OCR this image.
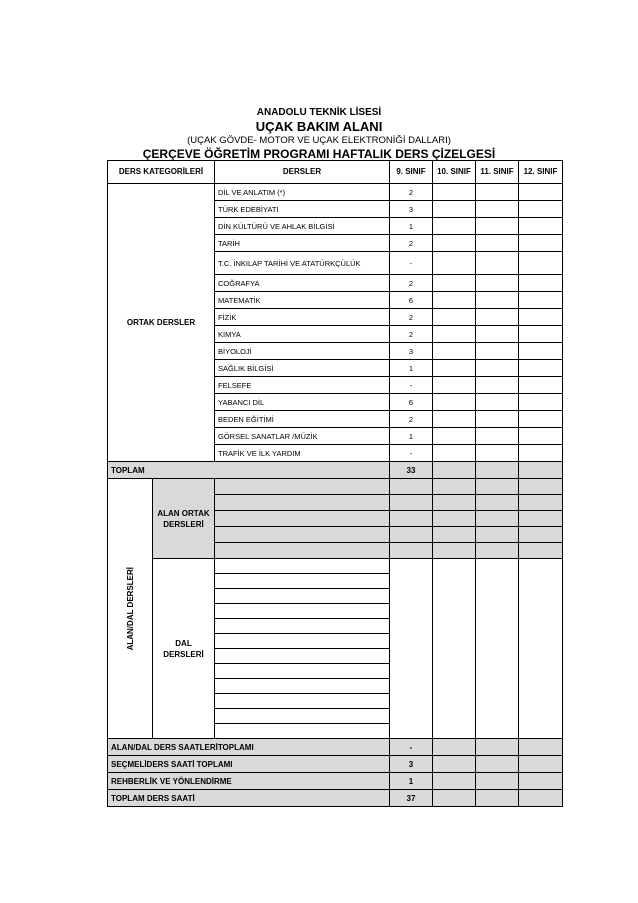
ANADOLU TEKNİK LİSESİ
UÇAK BAKIM ALANI
(UÇAK GÖVDE- MOTOR VE UÇAK ELEKTRONİĞİ DALLARI)
ÇERÇEVE ÖĞRETİM PROGRAMI HAFTALIK DERS ÇİZELGESİ
DERS KATEGORİLERİ		DERSLER	9. SINIF	10. SINIF	11. SINIF	12. SINIF
ORTAK DERSLER		DİL VE ANLATIM (*)	2			
		TÜRK EDEBİYATI	3			
		DİN KÜLTÜRÜ VE AHLAK BİLGİSİ	1			
		TARİH	2			
		T.C. İNKILAP TARİHİ VE ATATÜRKÇÜLÜK	-			
		COĞRAFYA	2			
		MATEMATİK	6			
		FİZİK	2			
		KİMYA	2			
		BİYOLOJİ	3			
		SAĞLIK BİLGİSİ	1			
		FELSEFE	-			
		YABANCI DİL	6			
		BEDEN EĞİTİMİ	2			
		GÖRSEL SANATLAR /MÜZİK	1			
		TRAFİK VE İLK YARDIM	-			
TOPLAM			33			

ALAN/DAL DERSLERİ	ALAN ORTAK DERSLERİ					

	DAL DERSLERİ					

ALAN/DAL DERS SAATLERİTOPLAMI			-			
SEÇMELİDERS SAATİ TOPLAMI			3			
REHBERLİK VE YÖNLENDİRME			1			
TOPLAM DERS SAATİ			37			
